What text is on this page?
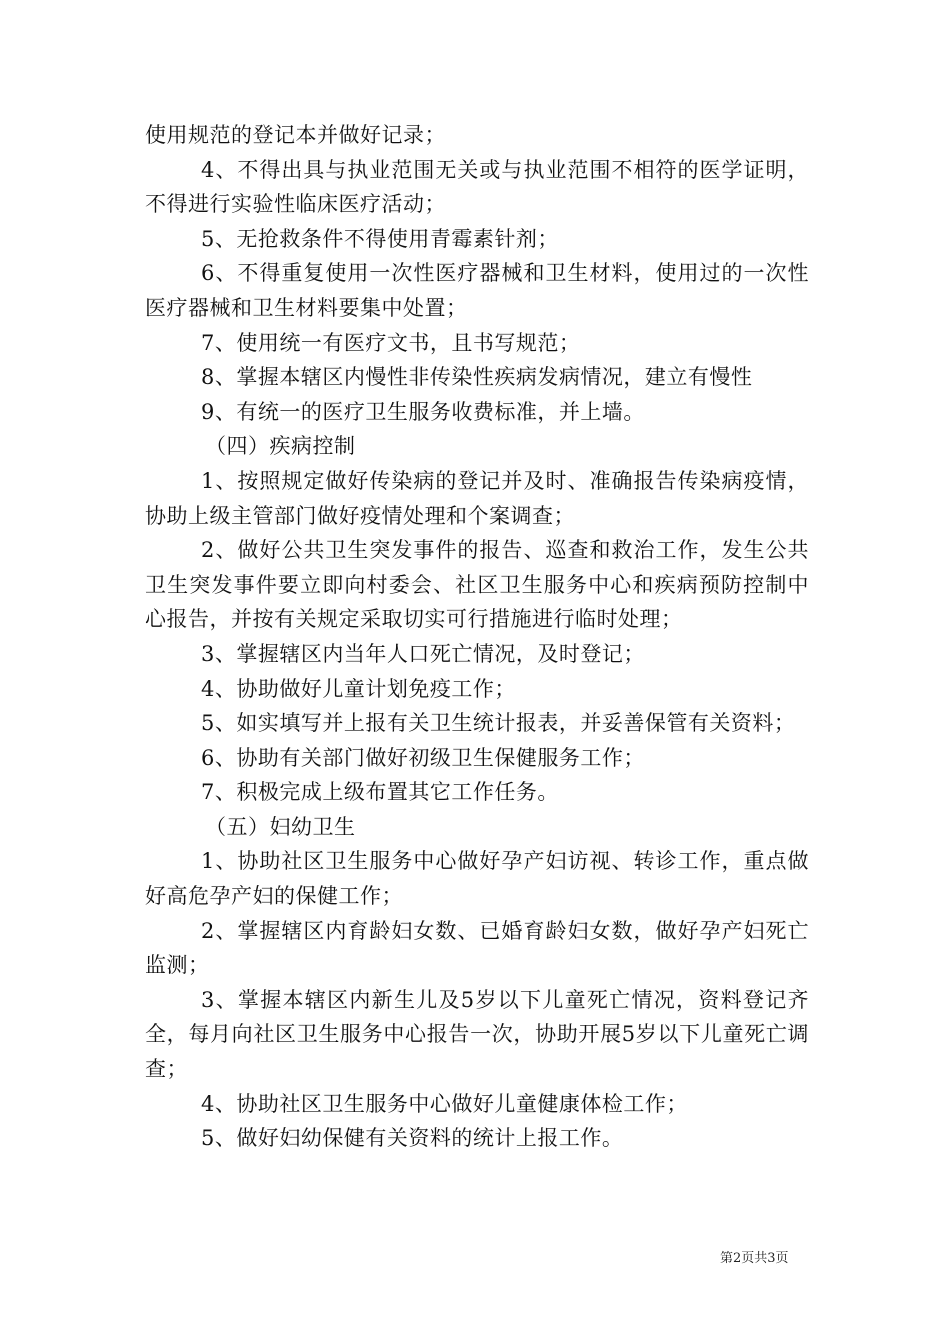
使用规范的登记本并做好记录；

4、不得出具与执业范围无关或与执业范围不相符的医学证明，不得进行实验性临床医疗活动；

5、无抢救条件不得使用青霉素针剂；

6、不得重复使用一次性医疗器械和卫生材料，使用过的一次性医疗器械和卫生材料要集中处置；

7、使用统一有医疗文书，且书写规范；

8、掌握本辖区内慢性非传染性疾病发病情况，建立有慢性

9、有统一的医疗卫生服务收费标准，并上墙。

（四）疾病控制

1、按照规定做好传染病的登记并及时、准确报告传染病疫情，协助上级主管部门做好疫情处理和个案调查；

2、做好公共卫生突发事件的报告、巡查和救治工作，发生公共卫生突发事件要立即向村委会、社区卫生服务中心和疾病预防控制中心报告，并按有关规定采取切实可行措施进行临时处理；

3、掌握辖区内当年人口死亡情况，及时登记；

4、协助做好儿童计划免疫工作；

5、如实填写并上报有关卫生统计报表，并妥善保管有关资料；

6、协助有关部门做好初级卫生保健服务工作；

7、积极完成上级布置其它工作任务。

（五）妇幼卫生

1、协助社区卫生服务中心做好孕产妇访视、转诊工作，重点做好高危孕产妇的保健工作；

2、掌握辖区内育龄妇女数、已婚育龄妇女数，做好孕产妇死亡监测；

3、掌握本辖区内新生儿及5岁以下儿童死亡情况，资料登记齐全，每月向社区卫生服务中心报告一次，协助开展5岁以下儿童死亡调查；

4、协助社区卫生服务中心做好儿童健康体检工作；

5、做好妇幼保健有关资料的统计上报工作。

第2页共3页
